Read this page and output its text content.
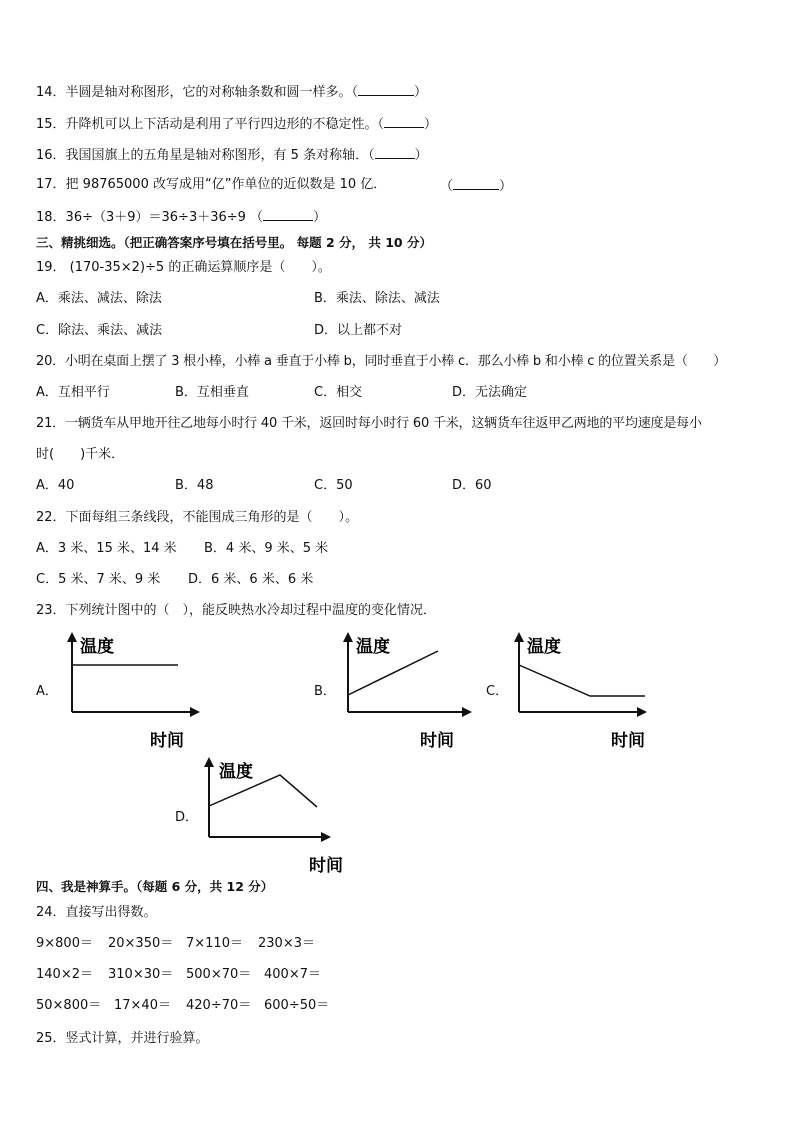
14．半圆是轴对称图形，它的对称轴条数和圆一样多。（	）
15．升降机可以上下活动是利用了平行四边形的不稳定性。（	）
16．我国国旗上的五角星是轴对称图形，有 5 条对称轴．（	）
17．把 98765000 改写成用“亿”作单位的近似数是 10 亿．	（	）
18．36÷（3＋9）＝36÷3＋36÷9 （	）
三、精挑细选。（把正确答案序号填在括号里。 每题 2 分， 共 10 分）
19． (170-35×2)÷5 的正确运算顺序是（　　）。
A．乘法、减法、除法	B．乘法、除法、减法
C．除法、乘法、减法	D．以上都不对
20．小明在桌面上摆了 3 根小棒，小棒 a 垂直于小棒 b，同时垂直于小棒 c．那么小棒 b 和小棒 c 的位置关系是（　　）
A．互相平行	B．互相垂直	C．相交	D．无法确定
21．一辆货车从甲地开往乙地每小时行 40 千米，返回时每小时行 60 千米，这辆货车往返甲乙两地的平均速度是每小
时(　　)千米．
A．40	B．48	C．50	D．60
22．下面每组三条线段，不能围成三角形的是（　　）。
A．3 米、15 米、14 米 B．4 米、9 米、5 米
C．5 米、7 米、9 米 D．6 米、6 米、6 米
23．下列统计图中的（　），能反映热水冷却过程中温度的变化情况．
A．
温度
时间
B．
温度
时间
C．
温度
时间
D．
温度
时间
四、我是神算手。（每题 6 分，共 12 分）
24．直接写出得数。
9×800＝ 20×350＝ 7×110＝ 230×3＝
140×2＝ 310×30＝ 500×70＝ 400×7＝
50×800＝ 17×40＝ 420÷70＝ 600÷50＝
25．竖式计算，并进行验算。
